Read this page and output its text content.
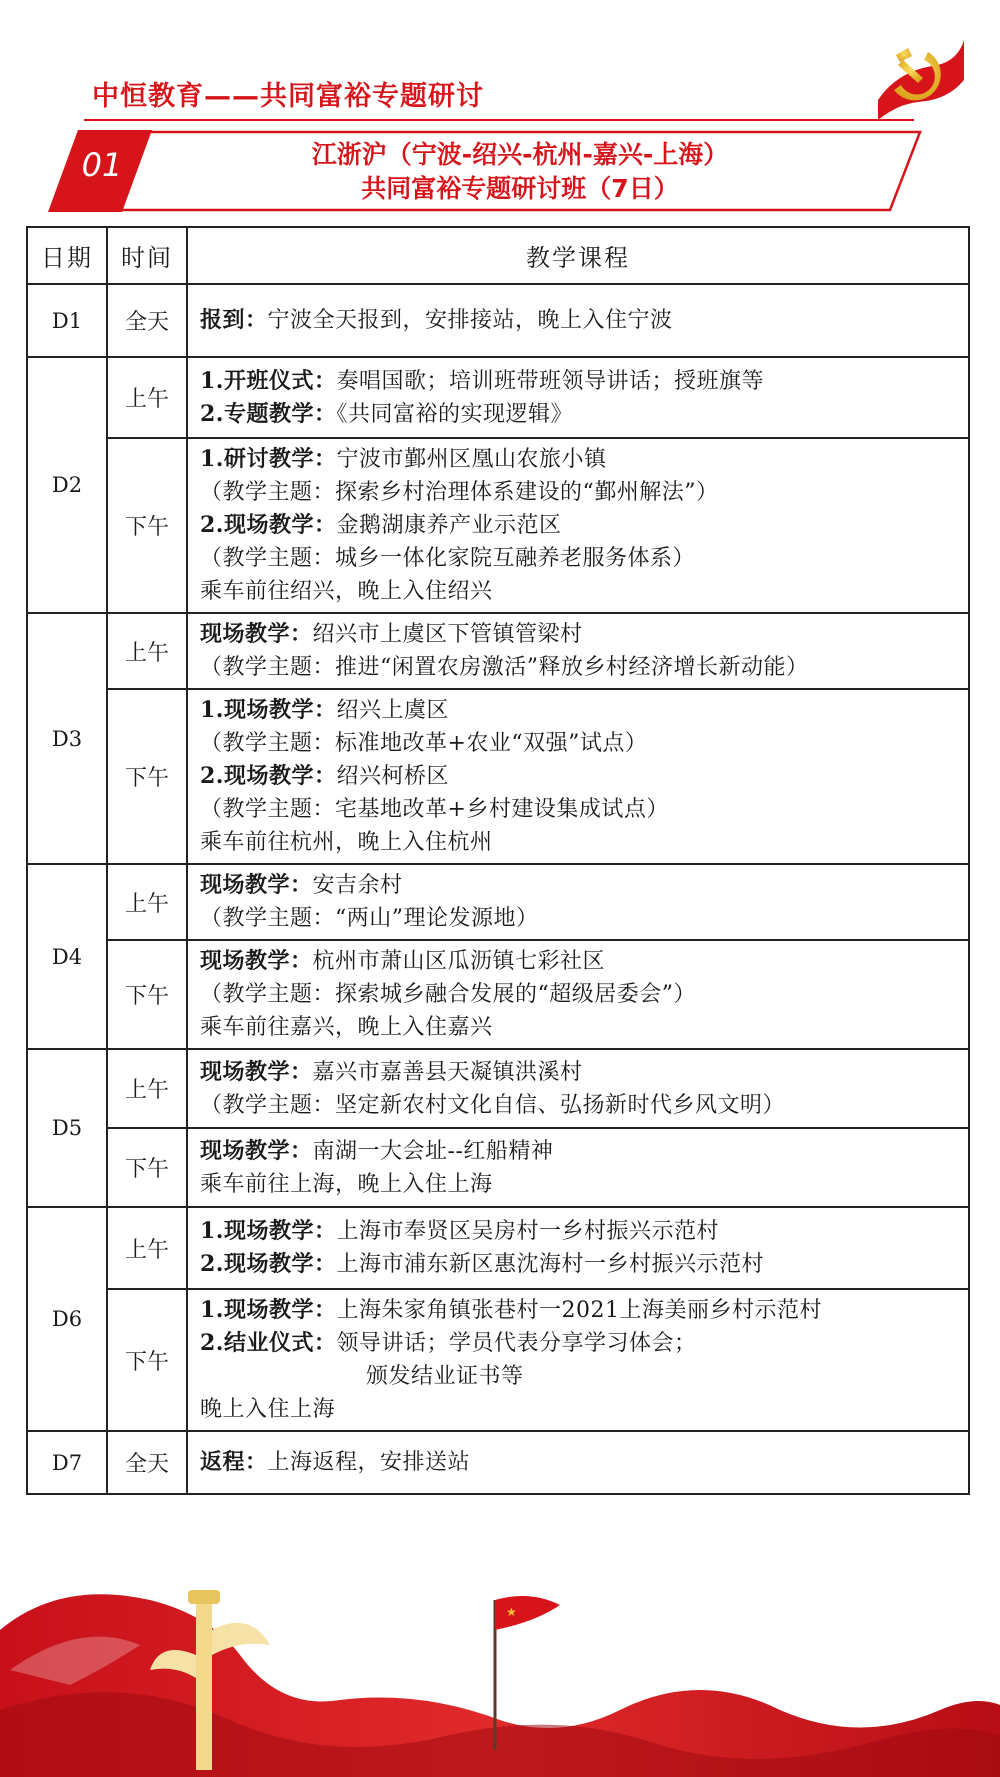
中恒教育——共同富裕专题研讨
01	江浙沪（宁波-绍兴-杭州-嘉兴-上海）
共同富裕专题研讨班（7日）
日期	时间	教学课程
D1	全天	报到：宁波全天报到，安排接站，晚上入住宁波

D2	上午	1.开班仪式：奏唱国歌；培训班带班领导讲话；授班旗等
2.专题教学：《共同富裕的实现逻辑》

	下午	1.研讨教学：宁波市鄞州区凰山农旅小镇
（教学主题：探索乡村治理体系建设的“鄞州解法”）
2.现场教学：金鹅湖康养产业示范区
（教学主题：城乡一体化家院互融养老服务体系）
乘车前往绍兴，晚上入住绍兴

D3	上午	现场教学：绍兴市上虞区下管镇管梁村
（教学主题：推进“闲置农房激活”释放乡村经济增长新动能）

	下午	1.现场教学：绍兴上虞区
（教学主题：标准地改革+农业“双强”试点）
2.现场教学：绍兴柯桥区
（教学主题：宅基地改革+乡村建设集成试点）
乘车前往杭州，晚上入住杭州

D4	上午	现场教学：安吉余村
（教学主题：“两山”理论发源地）

	下午	现场教学：杭州市萧山区瓜沥镇七彩社区
（教学主题：探索城乡融合发展的“超级居委会”）
乘车前往嘉兴，晚上入住嘉兴

D5	上午	现场教学：嘉兴市嘉善县天凝镇洪溪村
（教学主题：坚定新农村文化自信、弘扬新时代乡风文明）

	下午	现场教学：南湖一大会址--红船精神
乘车前往上海，晚上入住上海

D6	上午	1.现场教学：上海市奉贤区吴房村一乡村振兴示范村
2.现场教学：上海市浦东新区惠沈海村一乡村振兴示范村

	下午	1.现场教学：上海朱家角镇张巷村一2021上海美丽乡村示范村
2.结业仪式：领导讲话；学员代表分享学习体会；
颁发结业证书等
晚上入住上海

D7	全天	返程：上海返程，安排送站
★
